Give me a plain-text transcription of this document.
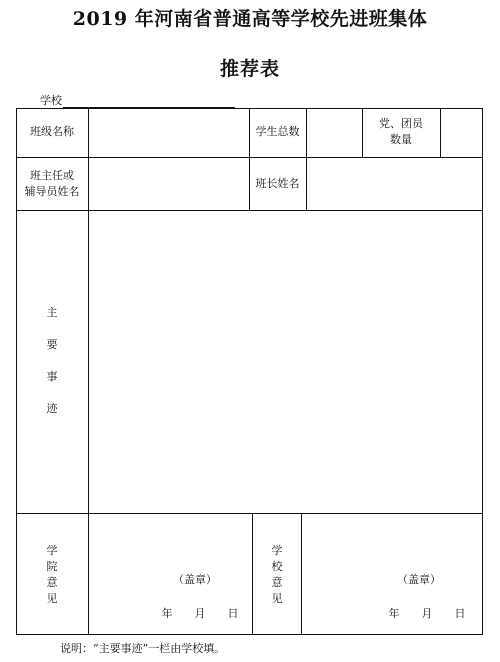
2019 年河南省普通高等学校先进班集体
推荐表
学校
班级名称	学生总数
党、团员
数量
班主任或
辅导员姓名
班长姓名
主
要
事
迹
学
院
意
见
（盖章）
年　　月　　日
学
校
意
见
（盖章）
年　　月　　日
说明：“主要事迹”一栏由学校填。
